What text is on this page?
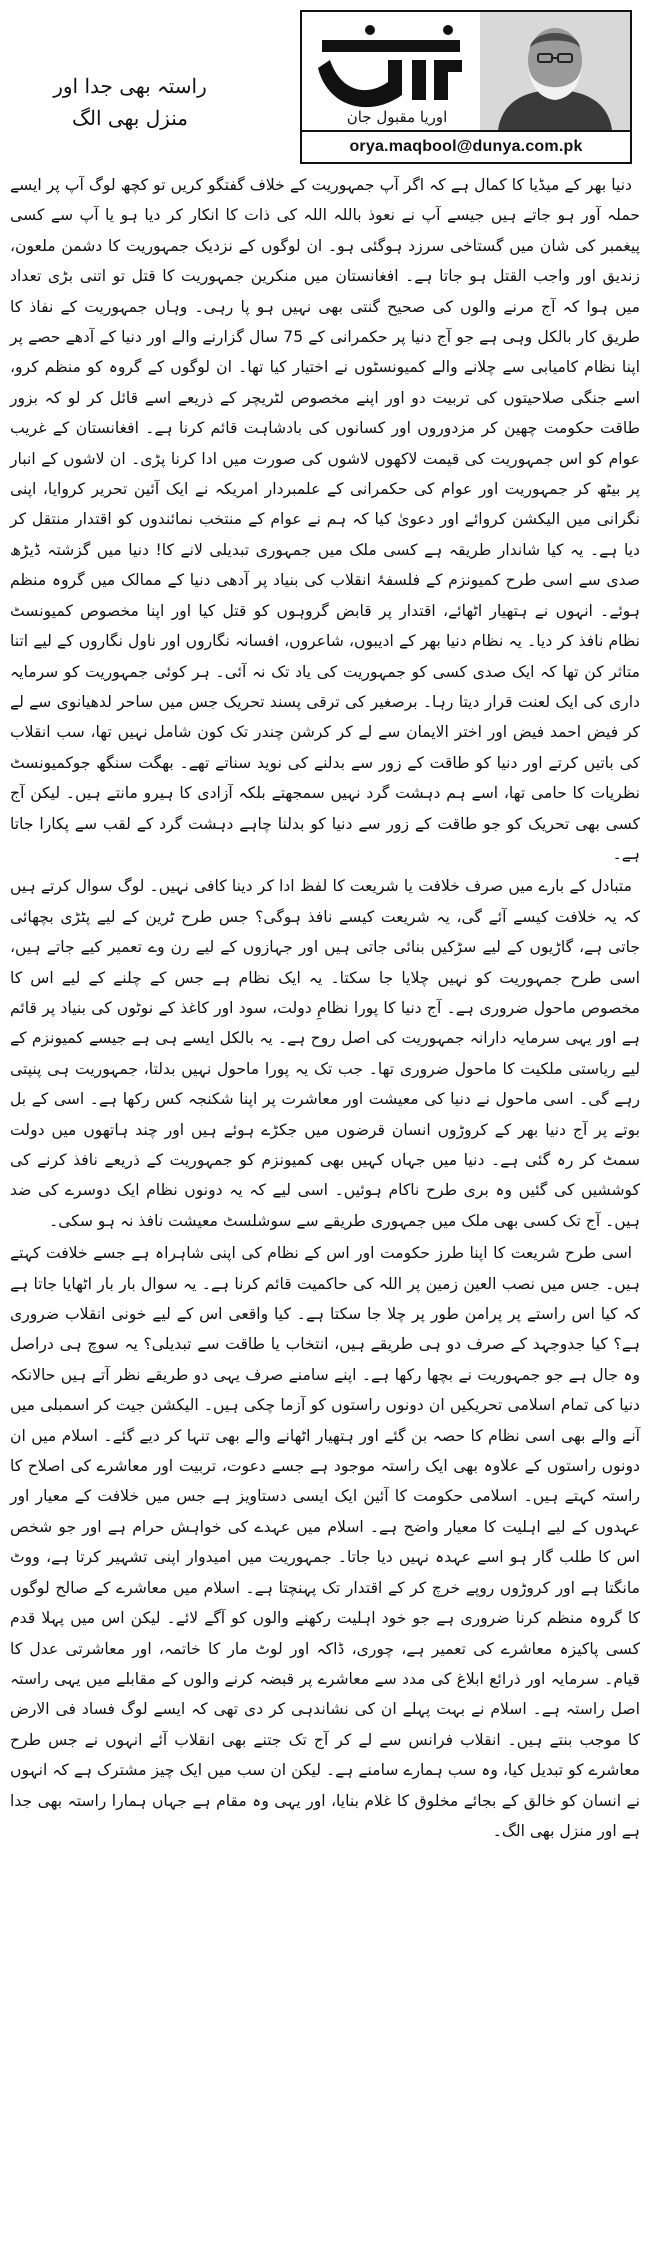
راستہ بھی جدا اور منزل بھی الگ	اوریا مقبول جان
orya.maqbool@dunya.com.pk

دنیا بھر کے میڈیا کا کمال ہے کہ اگر آپ جمہوریت کے خلاف گفتگو کریں تو کچھ لوگ آپ پر ایسے حملہ آور ہو جاتے ہیں جیسے آپ نے نعوذ باللہ اللہ کی ذات کا انکار کر دیا ہو یا آپ سے کسی پیغمبر کی شان میں گستاخی سرزد ہوگئی ہو۔ ان لوگوں کے نزدیک جمہوریت کا دشمن ملعون، زندیق اور واجب القتل ہو جاتا ہے۔ افغانستان میں منکرین جمہوریت کا قتل تو اتنی بڑی تعداد میں ہوا کہ آج مرنے والوں کی صحیح گنتی بھی نہیں ہو پا رہی۔ وہاں جمہوریت کے نفاذ کا طریق کار بالکل وہی ہے جو آج دنیا پر حکمرانی کے 75 سال گزارنے والے اور دنیا کے آدھے حصے پر اپنا نظام کامیابی سے چلانے والے کمیونسٹوں نے اختیار کیا تھا۔ ان لوگوں کے گروہ کو منظم کرو، اسے جنگی صلاحیتوں کی تربیت دو اور اپنے مخصوص لٹریچر کے ذریعے اسے قائل کر لو کہ بزور طاقت حکومت چھین کر مزدوروں اور کسانوں کی بادشاہت قائم کرنا ہے۔ افغانستان کے غریب عوام کو اس جمہوریت کی قیمت لاکھوں لاشوں کی صورت میں ادا کرنا پڑی۔ ان لاشوں کے انبار پر بیٹھ کر جمہوریت اور عوام کی حکمرانی کے علمبردار امریکہ نے ایک آئین تحریر کروایا، اپنی نگرانی میں الیکشن کروائے اور دعویٰ کیا کہ ہم نے عوام کے منتخب نمائندوں کو اقتدار منتقل کر دیا ہے۔ یہ کیا شاندار طریقہ ہے کسی ملک میں جمہوری تبدیلی لانے کا! دنیا میں گزشتہ ڈیڑھ صدی سے اسی طرح کمیونزم کے فلسفۂ انقلاب کی بنیاد پر آدھی دنیا کے ممالک میں گروہ منظم ہوئے۔ انہوں نے ہتھیار اٹھائے، اقتدار پر قابض گروہوں کو قتل کیا اور اپنا مخصوص کمیونسٹ نظام نافذ کر دیا۔ یہ نظام دنیا بھر کے ادیبوں، شاعروں، افسانہ نگاروں اور ناول نگاروں کے لیے اتنا متاثر کن تھا کہ ایک صدی کسی کو جمہوریت کی یاد تک نہ آئی۔ ہر کوئی جمہوریت کو سرمایہ داری کی ایک لعنت قرار دیتا رہا۔ برصغیر کی ترقی پسند تحریک جس میں ساحر لدھیانوی سے لے کر فیض احمد فیض اور اختر الایمان سے لے کر کرشن چندر تک کون شامل نہیں تھا، سب انقلاب کی باتیں کرتے اور دنیا کو طاقت کے زور سے بدلنے کی نوید سناتے تھے۔ بھگت سنگھ جوکمیونسٹ نظریات کا حامی تھا، اسے ہم دہشت گرد نہیں سمجھتے بلکہ آزادی کا ہیرو مانتے ہیں۔ لیکن آج کسی بھی تحریک کو جو طاقت کے زور سے دنیا کو بدلنا چاہے دہشت گرد کے لقب سے پکارا جاتا ہے۔

متبادل کے بارے میں صرف خلافت یا شریعت کا لفظ ادا کر دینا کافی نہیں۔ لوگ سوال کرتے ہیں کہ یہ خلافت کیسے آئے گی، یہ شریعت کیسے نافذ ہوگی؟ جس طرح ٹرین کے لیے پٹڑی بچھائی جاتی ہے، گاڑیوں کے لیے سڑکیں بنائی جاتی ہیں اور جہازوں کے لیے رن وے تعمیر کیے جاتے ہیں، اسی طرح جمہوریت کو نہیں چلایا جا سکتا۔ یہ ایک نظام ہے جس کے چلنے کے لیے اس کا مخصوص ماحول ضروری ہے۔ آج دنیا کا پورا نظامِ دولت، سود اور کاغذ کے نوٹوں کی بنیاد پر قائم ہے اور یہی سرمایہ دارانہ جمہوریت کی اصل روح ہے۔ یہ بالکل ایسے ہی ہے جیسے کمیونزم کے لیے ریاستی ملکیت کا ماحول ضروری تھا۔ جب تک یہ پورا ماحول نہیں بدلتا، جمہوریت ہی پنپتی رہے گی۔ اسی ماحول نے دنیا کی معیشت اور معاشرت پر اپنا شکنجہ کس رکھا ہے۔ اسی کے بل بوتے پر آج دنیا بھر کے کروڑوں انسان قرضوں میں جکڑے ہوئے ہیں اور چند ہاتھوں میں دولت سمٹ کر رہ گئی ہے۔ دنیا میں جہاں کہیں بھی کمیونزم کو جمہوریت کے ذریعے نافذ کرنے کی کوششیں کی گئیں وہ بری طرح ناکام ہوئیں۔ اسی لیے کہ یہ دونوں نظام ایک دوسرے کی ضد ہیں۔ آج تک کسی بھی ملک میں جمہوری طریقے سے سوشلسٹ معیشت نافذ نہ ہو سکی۔

اسی طرح شریعت کا اپنا طرز حکومت اور اس کے نظام کی اپنی شاہراہ ہے جسے خلافت کہتے ہیں۔ جس میں نصب العین زمین پر اللہ کی حاکمیت قائم کرنا ہے۔ یہ سوال بار بار اٹھایا جاتا ہے کہ کیا اس راستے پر پرامن طور پر چلا جا سکتا ہے۔ کیا واقعی اس کے لیے خونی انقلاب ضروری ہے؟ کیا جدوجہد کے صرف دو ہی طریقے ہیں، انتخاب یا طاقت سے تبدیلی؟ یہ سوچ ہی دراصل وہ جال ہے جو جمہوریت نے بچھا رکھا ہے۔ اپنے سامنے صرف یہی دو طریقے نظر آتے ہیں حالانکہ دنیا کی تمام اسلامی تحریکیں ان دونوں راستوں کو آزما چکی ہیں۔ الیکشن جیت کر اسمبلی میں آنے والے بھی اسی نظام کا حصہ بن گئے اور ہتھیار اٹھانے والے بھی تنہا کر دیے گئے۔ اسلام میں ان دونوں راستوں کے علاوہ بھی ایک راستہ موجود ہے جسے دعوت، تربیت اور معاشرے کی اصلاح کا راستہ کہتے ہیں۔ اسلامی حکومت کا آئین ایک ایسی دستاویز ہے جس میں خلافت کے معیار اور عہدوں کے لیے اہلیت کا معیار واضح ہے۔ اسلام میں عہدے کی خواہش حرام ہے اور جو شخص اس کا طلب گار ہو اسے عہدہ نہیں دیا جاتا۔ جمہوریت میں امیدوار اپنی تشہیر کرتا ہے، ووٹ مانگتا ہے اور کروڑوں روپے خرچ کر کے اقتدار تک پہنچتا ہے۔ اسلام میں معاشرے کے صالح لوگوں کا گروہ منظم کرنا ضروری ہے جو خود اہلیت رکھنے والوں کو آگے لائے۔ لیکن اس میں پہلا قدم کسی پاکیزہ معاشرے کی تعمیر ہے، چوری، ڈاکہ اور لوٹ مار کا خاتمہ، اور معاشرتی عدل کا قیام۔ سرمایہ اور ذرائع ابلاغ کی مدد سے معاشرے پر قبضہ کرنے والوں کے مقابلے میں یہی راستہ اصل راستہ ہے۔ اسلام نے بہت پہلے ان کی نشاندہی کر دی تھی کہ ایسے لوگ فساد فی الارض کا موجب بنتے ہیں۔ انقلاب فرانس سے لے کر آج تک جتنے بھی انقلاب آئے انہوں نے جس طرح معاشرے کو تبدیل کیا، وہ سب ہمارے سامنے ہے۔ لیکن ان سب میں ایک چیز مشترک ہے کہ انہوں نے انسان کو خالق کے بجائے مخلوق کا غلام بنایا، اور یہی وہ مقام ہے جہاں ہمارا راستہ بھی جدا ہے اور منزل بھی الگ۔
